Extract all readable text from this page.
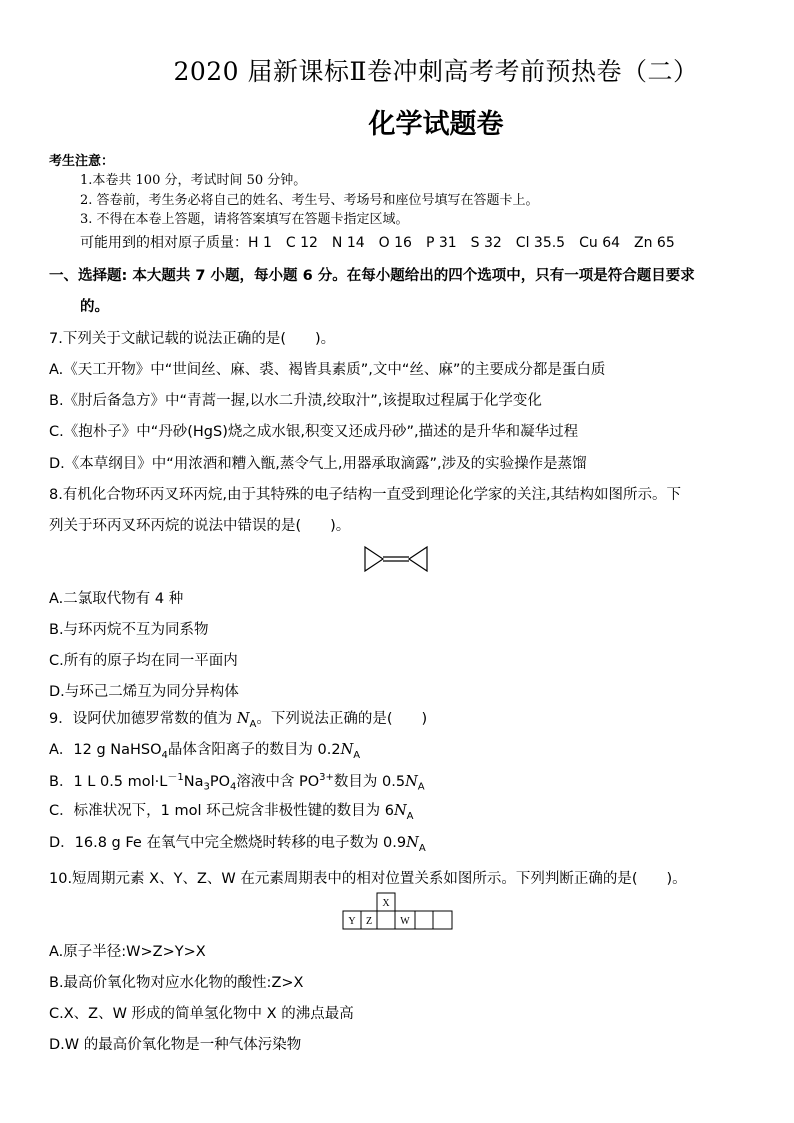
2020 届新课标Ⅱ卷冲刺高考考前预热卷（二）
化学试题卷
考生注意：
1.本卷共 100 分，考试时间 50 分钟。
2. 答卷前，考生务必将自己的姓名、考生号、考场号和座位号填写在答题卡上。
3. 不得在本卷上答题，请将答案填写在答题卡指定区域。
可能用到的相对原子质量：H 1　C 12　N 14　O 16　P 31　S 32　Cl 35.5　Cu 64　Zn 65
一、选择题: 本大题共 7 小题，每小题 6 分。在每小题给出的四个选项中，只有一项是符合题目要求
的。
7.下列关于文献记载的说法正确的是(　　)。
A.《天工开物》中“世间丝、麻、裘、褐皆具素质”,文中“丝、麻”的主要成分都是蛋白质
B.《肘后备急方》中“青蒿一握,以水二升渍,绞取汁”,该提取过程属于化学变化
C.《抱朴子》中“丹砂(HgS)烧之成水银,积变又还成丹砂”,描述的是升华和凝华过程
D.《本草纲目》中“用浓酒和糟入甑,蒸令气上,用器承取滴露”,涉及的实验操作是蒸馏
8.有机化合物环丙叉环丙烷,由于其特殊的电子结构一直受到理论化学家的关注,其结构如图所示。下
列关于环丙叉环丙烷的说法中错误的是(　　)。
A.二氯取代物有 4 种
B.与环丙烷不互为同系物
C.所有的原子均在同一平面内
D.与环己二烯互为同分异构体
9．设阿伏加德罗常数的值为 $N_A$。下列说法正确的是(　　)
A．12 g NaHSO$_4$晶体含阳离子的数目为 $0.2N_A$
B．1 L 0.5 $mol\cdot L^{-1}Na_3PO_4$溶液中含 $PO^{3+}$数目为 $0.5N_A$
C．标准状况下，1 mol 环己烷含非极性键的数目为 $6N_A$
D．16.8 g Fe 在氧气中完全燃烧时转移的电子数为 $0.9N_A$
10.短周期元素 X、Y、Z、W 在元素周期表中的相对位置关系如图所示。下列判断正确的是(　　)。
X
Y Z	W
A.原子半径:W>Z>Y>X
B.最高价氧化物对应水化物的酸性:Z>X
C.X、Z、W 形成的简单氢化物中 X 的沸点最高
D.W 的最高价氧化物是一种气体污染物
